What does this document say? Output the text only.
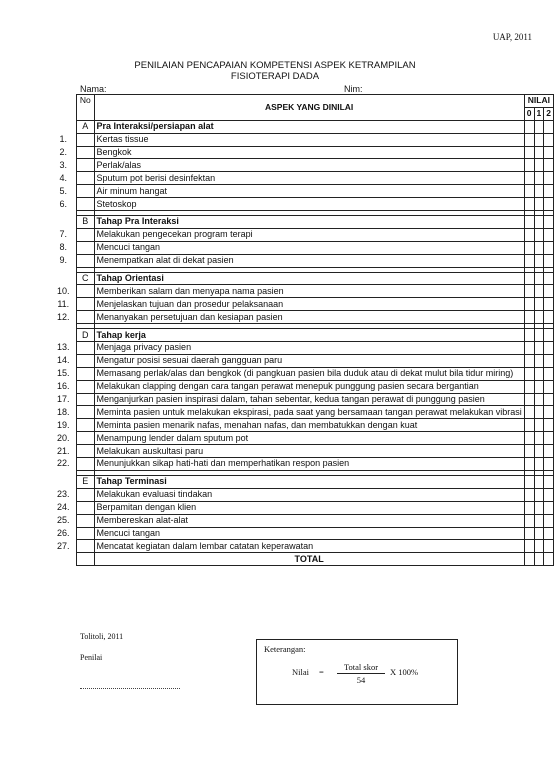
UAP, 2011
PENILAIAN PENCAPAIAN KOMPETENSI ASPEK KETRAMPILAN
FISIOTERAPI DADA
Nama:	Nim:
No	ASPEK YANG DINILAI	NILAI		
		0	1	2
A	Pra Interaksi/persiapan alat			
1.	Kertas tissue			
2.	Bengkok			
3.	Perlak/alas			
4.	Sputum pot berisi desinfektan			
5.	Air minum hangat			
6.	Stetoskop			

B	Tahap Pra Interaksi			
7.	Melakukan pengecekan program terapi			
8.	Mencuci tangan			
9.	Menempatkan alat di dekat pasien			

C	Tahap Orientasi			
10.	Memberikan salam dan menyapa nama pasien			
11.	Menjelaskan tujuan dan prosedur pelaksanaan			
12.	Menanyakan persetujuan dan kesiapan pasien			

D	Tahap kerja			
13.	Menjaga privacy pasien			
14.	Mengatur posisi sesuai daerah gangguan paru			
15.	Memasang perlak/alas dan bengkok (di pangkuan pasien bila duduk atau di dekat mulut bila tidur miring)			
16.	Melakukan clapping dengan cara tangan perawat menepuk punggung pasien secara bergantian			
17.	Menganjurkan pasien inspirasi dalam, tahan sebentar, kedua tangan perawat di punggung pasien			
18.	Meminta pasien untuk melakukan ekspirasi, pada saat yang bersamaan tangan perawat melakukan vibrasi			
19.	Meminta pasien menarik nafas, menahan nafas, dan membatukkan dengan kuat			
20.	Menampung lender dalam sputum pot			
21.	Melakukan auskultasi paru			
22.	Menunjukkan sikap hati-hati dan memperhatikan respon pasien			

E	Tahap Terminasi			
23.	Melakukan evaluasi tindakan			
24.	Berpamitan dengan klien			
25.	Membereskan alat-alat			
26.	Mencuci tangan			
27.	Mencatat kegiatan dalam lembar catatan keperawatan			
	TOTAL			
Tolitoli, 2011
Penilai
Keterangan:
Nilai =	Total skor
54
X 100%
